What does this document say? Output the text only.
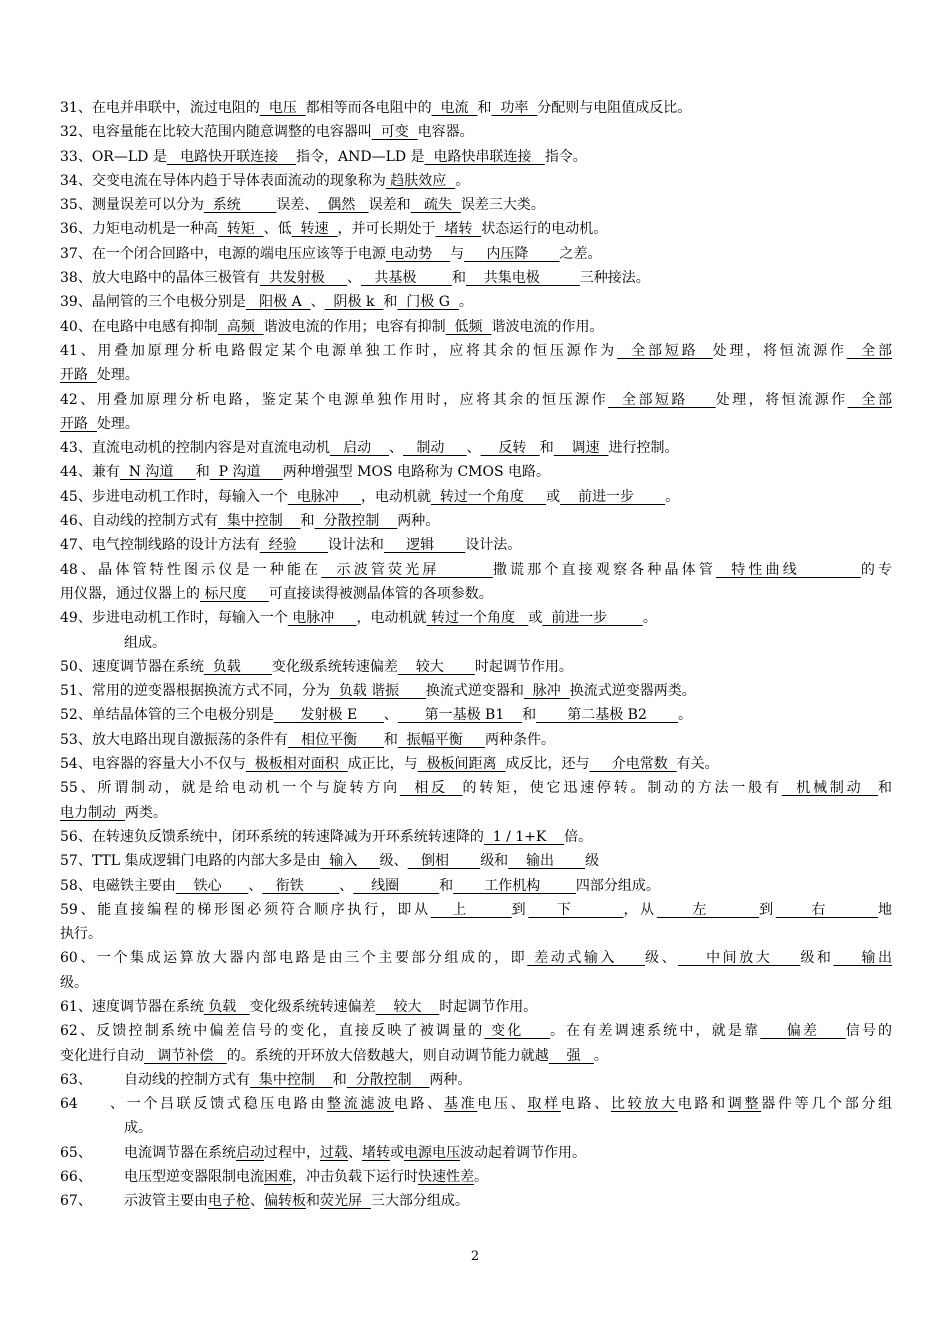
31、在电并串联中，流过电阻的  电压  都相等而各电阻中的  电流  和  功率  分配则与电阻值成反比。
32、电容量能在比较大范围内随意调整的电容器叫  可变  电容器。
33、OR—LD 是   电路快开联连接    指令，AND—LD 是  电路快串联连接   指令。
34、交变电流在导体内趋于导体表面流动的现象称为 趋肤效应  。
35、测量误差可以分为  系统        误差、  偶然   误差和   疏失  误差三大类。
36、力矩电动机是一种高  转矩  、低  转速  ，并可长期处于  堵转  状态运行的电动机。
37、在一个闭合回路中，电源的端电压应该等于电源 电动势    与     内压降       之差。
38、放大电路中的晶体三极管有  共发射极     、   共基极        和    共集电极         三种接法。
39、晶闸管的三个电极分别是   阳极 A  、  阴极 k  和  门极 G  。
40、在电路中电感有抑制  高频  谐波电流的作用；电容有抑制  低频  谐波电流的作用。
41、用叠加原理分析电路假定某个电源单独工作时，应将其余的恒压源作为  全部短路  处理，将恒流源作  全部
开路  处理。
42、用叠加原理分析电路，鉴定某个电源单独作用时，应将其余的恒压源作  全部短路    处理，将恒流源作  全部
开路  处理。
43、直流电动机的控制内容是对直流电动机   启动    、   制动     、    反转   和    调速  进行控制。
44、兼有  N 沟道     和  P 沟道     两种增强型 MOS 电路称为 CMOS 电路。
45、步进电动机工作时，每输入一个  电脉冲     ，电动机就  转过一个角度     或    前进一步       。
46、自动线的控制方式有  集中控制    和  分散控制    两种。
47、电气控制线路的设计方法有  经验       设计法和     逻辑       设计法。
48、晶体管特性图示仪是一种能在  示波管荧光屏       撒谎那个直接观察各种晶体管  特性曲线        的专
用仪器，通过仪器上的 标尺度     可直接读得被测晶体管的各项参数。
49、步进电动机工作时，每输入一个 电脉冲     ，电动机就 转过一个角度   或  前进一步        。
组成。
50、速度调节器在系统  负载       变化级系统转速偏差    较大       时起调节作用。
51、常用的逆变器根据换流方式不同，分为  负载 谐振      换流式逆变器和  脉冲  换流式逆变器两类。
52、单结晶体管的三个电极分别是      发射极 E      、      第一基极 B1    和       第二基极 B2       。
53、放大电路出现自激振荡的条件有   相位平衡      和  振幅平衡     两种条件。
54、电容器的容量大小不仅与  极板相对面积  成正比，与  极板间距离  成反比，还与     介电常数  有关。
55、所谓制动，就是给电动机一个与旋转方向  相反  的转矩，使它迅速停转。制动的方法一般有  机械制动  和
电力制动  两类。
56、在转速负反馈系统中，闭环系统的转速降减为开环系统转速降的  1 / 1+K    倍。
57、TTL 集成逻辑门电路的内部大多是由  输入     级、   倒相       级和    输出       级
58、电磁铁主要由    铁心      、   衔铁        、    线圈         和       工作机构        四部分组成。
59、能直接编程的梯形图必须符合顺序执行，即从   上      到    下       ，从     左       到     右       地
执行。
60、一个集成运算放大器内部电路是由三个主要部分组成的，即 差动式输入    级、    中间放大    级和    输出
级。
61、速度调节器在系统 负载   变化级系统转速偏差    较大    时起调节作用。
62、反馈控制系统中偏差信号的变化，直接反映了被调量的 变化    。在有差调速系统中，就是靠    偏差    信号的
变化进行自动   调节补偿   的。系统的开环放大倍数越大，则自动调节能力就越    强   。
63、 自动线的控制方式有  集中控制    和  分散控制    两种。
64、一个吕联反馈式稳压电路由整流滤波电路、基准电压、取样电路、比较放大电路和调整器件等几个部分组
成。
65、 电流调节器在系统启动过程中，过载、堵转或电源电压波动起着调节作用。
66、 电压型逆变器限制电流困难，冲击负载下运行时快速性差。
67、 示波管主要由电子枪、偏转板和荧光屏  三大部分组成。
2
